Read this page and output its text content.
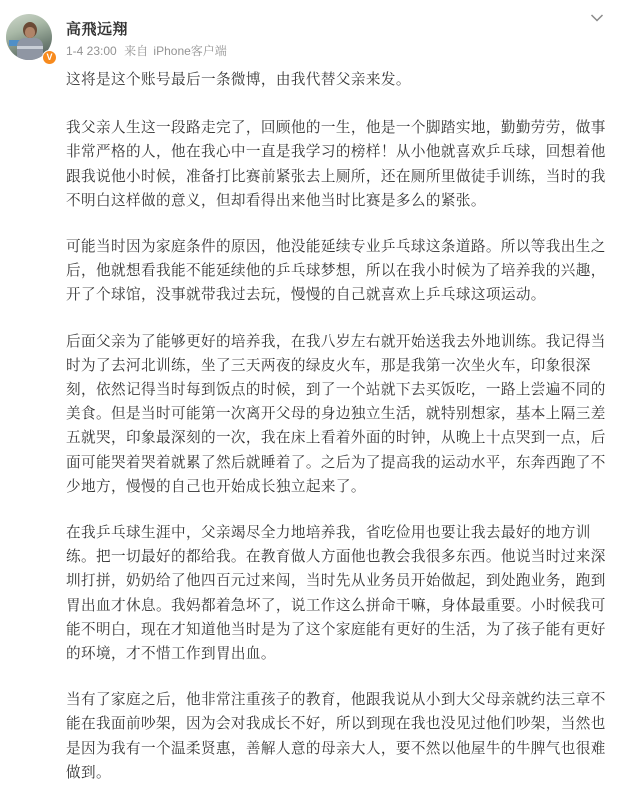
V
高飛远翔
1-4 23:00 来自 iPhone客户端
这将是这个账号最后一条微博，由我代替父亲来发。
我父亲人生这一段路走完了，回顾他的一生，他是一个脚踏实地，勤勤劳劳，做事
非常严格的人，他在我心中一直是我学习的榜样！从小他就喜欢乒乓球，回想着他
跟我说他小时候，准备打比赛前紧张去上厕所，还在厕所里做徒手训练，当时的我
不明白这样做的意义，但却看得出来他当时比赛是多么的紧张。
可能当时因为家庭条件的原因，他没能延续专业乒乓球这条道路。所以等我出生之
后，他就想看我能不能延续他的乒乓球梦想，所以在我小时候为了培养我的兴趣，
开了个球馆，没事就带我过去玩，慢慢的自己就喜欢上乒乓球这项运动。
后面父亲为了能够更好的培养我，在我八岁左右就开始送我去外地训练。我记得当
时为了去河北训练，坐了三天两夜的绿皮火车，那是我第一次坐火车，印象很深
刻，依然记得当时每到饭点的时候，到了一个站就下去买饭吃，一路上尝遍不同的
美食。但是当时可能第一次离开父母的身边独立生活，就特别想家，基本上隔三差
五就哭，印象最深刻的一次，我在床上看着外面的时钟，从晚上十点哭到一点，后
面可能哭着哭着就累了然后就睡着了。之后为了提高我的运动水平，东奔西跑了不
少地方，慢慢的自己也开始成长独立起来了。
在我乒乓球生涯中，父亲竭尽全力地培养我，省吃俭用也要让我去最好的地方训
练。把一切最好的都给我。在教育做人方面他也教会我很多东西。他说当时过来深
圳打拼，奶奶给了他四百元过来闯，当时先从业务员开始做起，到处跑业务，跑到
胃出血才休息。我妈都着急坏了，说工作这么拼命干嘛，身体最重要。小时候我可
能不明白，现在才知道他当时是为了这个家庭能有更好的生活，为了孩子能有更好
的环境，才不惜工作到胃出血。
当有了家庭之后，他非常注重孩子的教育，他跟我说从小到大父母亲就约法三章不
能在我面前吵架，因为会对我成长不好，所以到现在我也没见过他们吵架，当然也
是因为我有一个温柔贤惠，善解人意的母亲大人，要不然以他屋牛的牛脾气也很难
做到。
